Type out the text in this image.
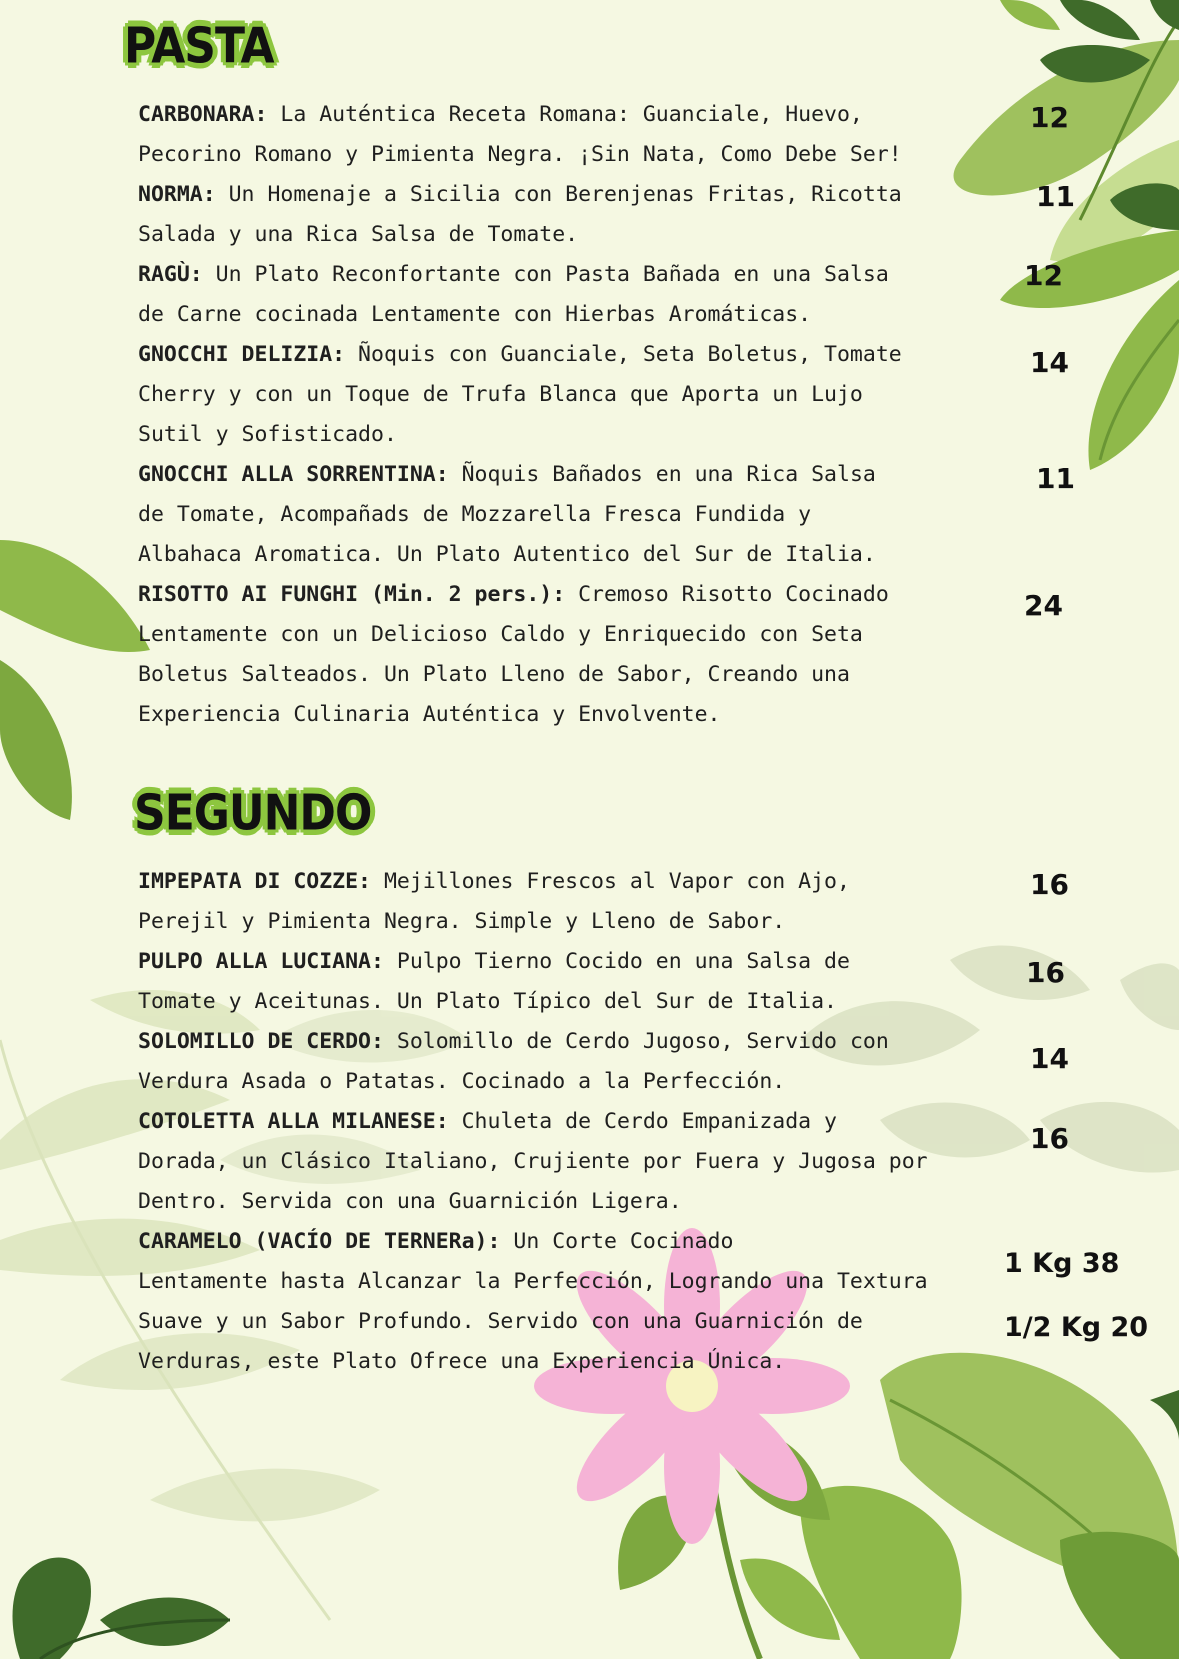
PASTA
CARBONARA: La Auténtica Receta Romana: Guanciale, Huevo,
Pecorino Romano y Pimienta Negra. ¡Sin Nata, Como Debe Ser!
12
NORMA: Un Homenaje a Sicilia con Berenjenas Fritas, Ricotta
Salada y una Rica Salsa de Tomate.
11
RAGÙ: Un Plato Reconfortante con Pasta Bañada en una Salsa
de Carne cocinada Lentamente con Hierbas Aromáticas.
12
GNOCCHI DELIZIA: Ñoquis con Guanciale, Seta Boletus, Tomate
Cherry y con un Toque de Trufa Blanca que Aporta un Lujo
Sutil y Sofisticado.
14
GNOCCHI ALLA SORRENTINA: Ñoquis Bañados en una Rica Salsa
de Tomate, Acompañads de Mozzarella Fresca Fundida y
Albahaca Aromatica. Un Plato Autentico del Sur de Italia.
11
RISOTTO AI FUNGHI (Min. 2 pers.): Cremoso Risotto Cocinado
Lentamente con un Delicioso Caldo y Enriquecido con Seta
Boletus Salteados. Un Plato Lleno de Sabor, Creando una
Experiencia Culinaria Auténtica y Envolvente.
24
SEGUNDO
IMPEPATA DI COZZE: Mejillones Frescos al Vapor con Ajo,
Perejil y Pimienta Negra. Simple y Lleno de Sabor.
16
PULPO ALLA LUCIANA: Pulpo Tierno Cocido en una Salsa de
Tomate y Aceitunas. Un Plato Típico del Sur de Italia.
16
SOLOMILLO DE CERDO: Solomillo de Cerdo Jugoso, Servido con
Verdura Asada o Patatas. Cocinado a la Perfección.
14
COTOLETTA ALLA MILANESE: Chuleta de Cerdo Empanizada y
Dorada, un Clásico Italiano, Crujiente por Fuera y Jugosa por
Dentro. Servida con una Guarnición Ligera.
16
CARAMELO (VACÍO DE TERNERa): Un Corte Cocinado
Lentamente hasta Alcanzar la Perfección, Logrando una Textura
Suave y un Sabor Profundo. Servido con una Guarnición de
Verduras, este Plato Ofrece una Experiencia Única.
1 Kg 38
1/2 Kg 20
